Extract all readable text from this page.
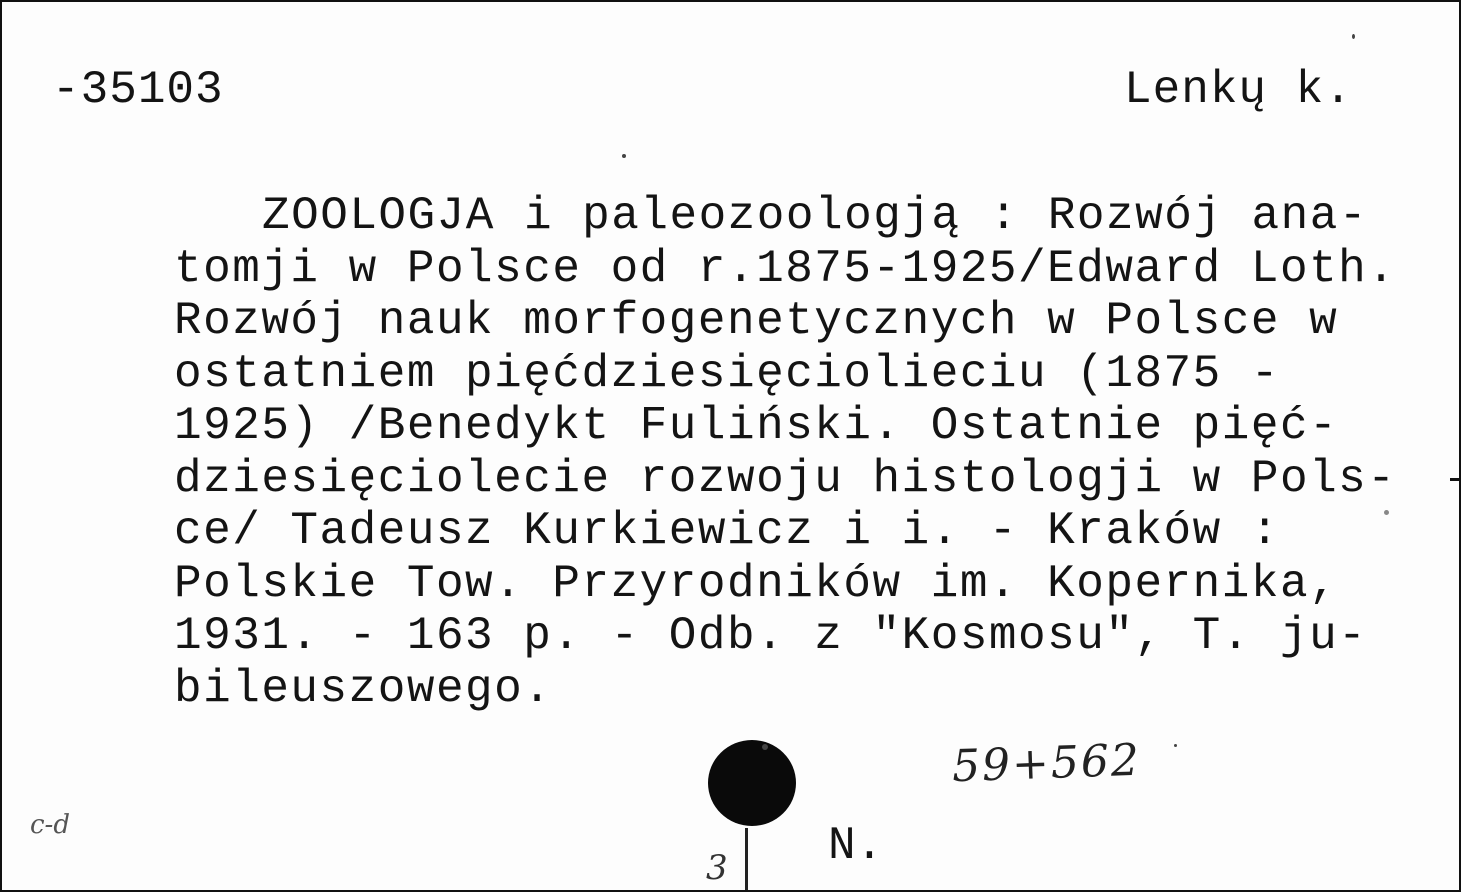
-35103	Lenkų k.
ZOOLOGJA i paleozoologją : Rozwój ana-
tomji w Polsce od r.1875-1925/Edward Loth.
Rozwój nauk morfogenetycznych w Polsce w
ostatniem pięćdziesięciolieciu (1875 -
1925) /Benedykt Fuliński. Ostatnie pięć-
dziesięciolecie rozwoju histologji w Pols-
ce/ Tadeusz Kurkiewicz i i. - Kraków :
Polskie Tow. Przyrodników im. Kopernika,
1931. - 163 p. - Odb. z "Kosmosu", T. ju-
bileuszowego.
59+562
N.
3
c-d
